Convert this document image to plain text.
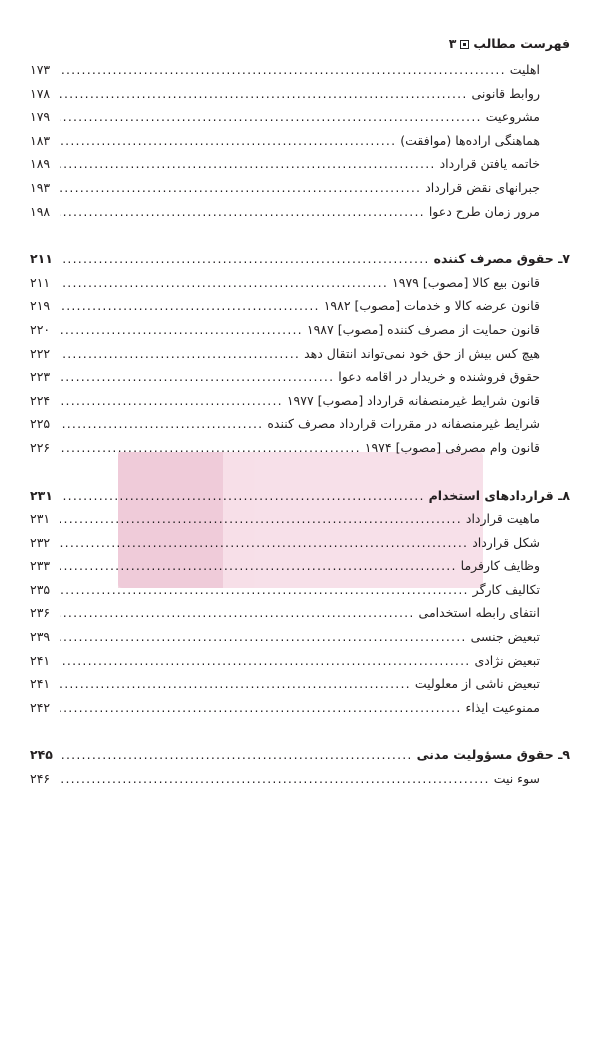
فهرست مطالب
۳
اهلیت
.....
۱۷۳
روابط قانونی
.....
۱۷۸
مشروعیت
.....
۱۷۹
هماهنگی اراده‌ها (موافقت)
.....
۱۸۳
خاتمه یافتن قرارداد
.....
۱۸۹
جبرانهای نقض قرارداد
.....
۱۹۳
مرور زمان طرح دعوا
.....
۱۹۸
۷ـ حقوق مصرف کننده
.....
۲۱۱
قانون بیع کالا [مصوب] ۱۹۷۹
.....
۲۱۱
قانون عرضه کالا و خدمات [مصوب] ۱۹۸۲
.....
۲۱۹
قانون حمایت از مصرف کننده [مصوب] ۱۹۸۷
.....
۲۲۰
هیچ کس بیش از حق خود نمی‌تواند انتقال دهد
.....
۲۲۲
حقوق فروشنده و خریدار در اقامه دعوا
.....
۲۲۳
قانون شرایط غیرمنصفانه قرارداد [مصوب] ۱۹۷۷
.....
۲۲۴
شرایط غیرمنصفانه در مقررات قرارداد مصرف کننده
.....
۲۲۵
قانون وام مصرفی [مصوب] ۱۹۷۴
.....
۲۲۶
۸ـ قراردادهای استخدام
.....
۲۳۱
ماهیت قرارداد
.....
۲۳۱
شکل قرارداد
.....
۲۳۲
وظایف کارفرما
.....
۲۳۳
تکالیف کارگر
.....
۲۳۵
انتفای رابطه استخدامی
.....
۲۳۶
تبعیض جنسی
.....
۲۳۹
تبعیض نژادی
.....
۲۴۱
تبعیض ناشی از معلولیت
.....
۲۴۱
ممنوعیت ایذاء
.....
۲۴۲
۹ـ حقوق مسؤولیت مدنی
.....
۲۴۵
سوء نیت
.....
۲۴۶
